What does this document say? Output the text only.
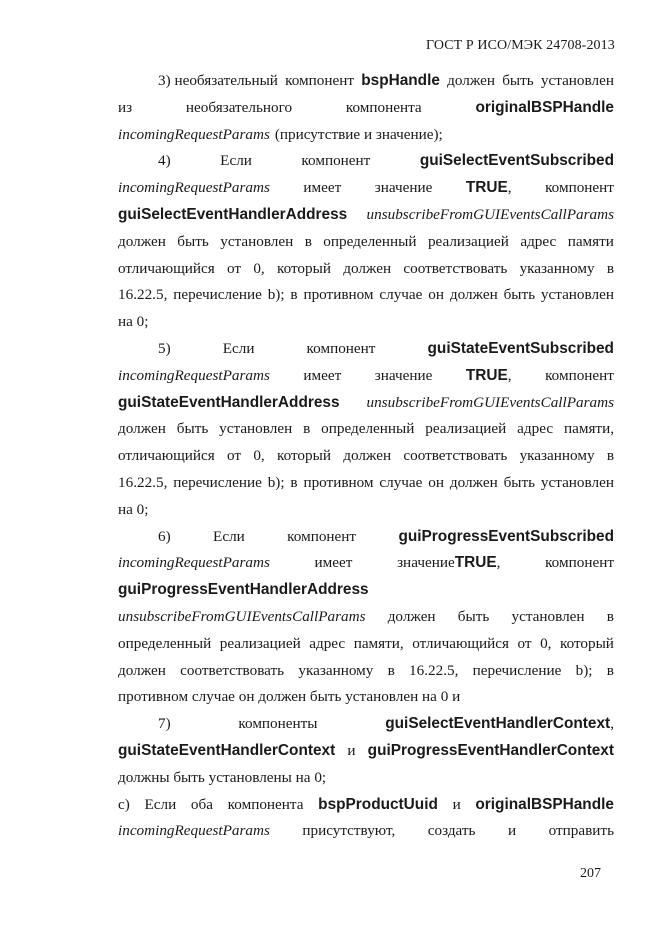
ГОСТ Р ИСО/МЭК 24708-2013
3) необязательный компонент bspHandle должен быть установлен
из	необязательного	компонента	originalBSPHandle
incomingRequestParams (присутствие и значение);
4)	Если	компонент	guiSelectEventSubscribed
incomingRequestParams имеет значение TRUE, компонент
guiSelectEventHandlerAddress unsubscribeFromGUIEventsCallParams
должен быть установлен в определенный реализацией адрес памяти
отличающийся от 0, который должен соответствовать указанному в
16.22.5, перечисление b); в противном случае он должен быть установлен
на 0;
5)	Если	компонент	guiStateEventSubscribed
incomingRequestParams имеет значение TRUE, компонент
guiStateEventHandlerAddress unsubscribeFromGUIEventsCallParams
должен быть установлен в определенный реализацией адрес памяти,
отличающийся от 0, который должен соответствовать указанному в
16.22.5, перечисление b); в противном случае он должен быть установлен
на 0;
6)	Если	компонент	guiProgressEventSubscribed
incomingRequestParams	имеет	значениеTRUE,	компонент
guiProgressEventHandlerAddress
unsubscribeFromGUIEventsCallParams должен быть установлен в
определенный реализацией адрес памяти, отличающийся от 0, который
должен соответствовать указанному в 16.22.5, перечисление b); в
противном случае он должен быть установлен на 0 и
7)	компоненты	guiSelectEventHandlerContext,
guiStateEventHandlerContext и guiProgressEventHandlerContext
должны быть установлены на 0;
c) Если оба компонента bspProductUuid и originalBSPHandle
incomingRequestParams присутствуют, создать и отправить
207
